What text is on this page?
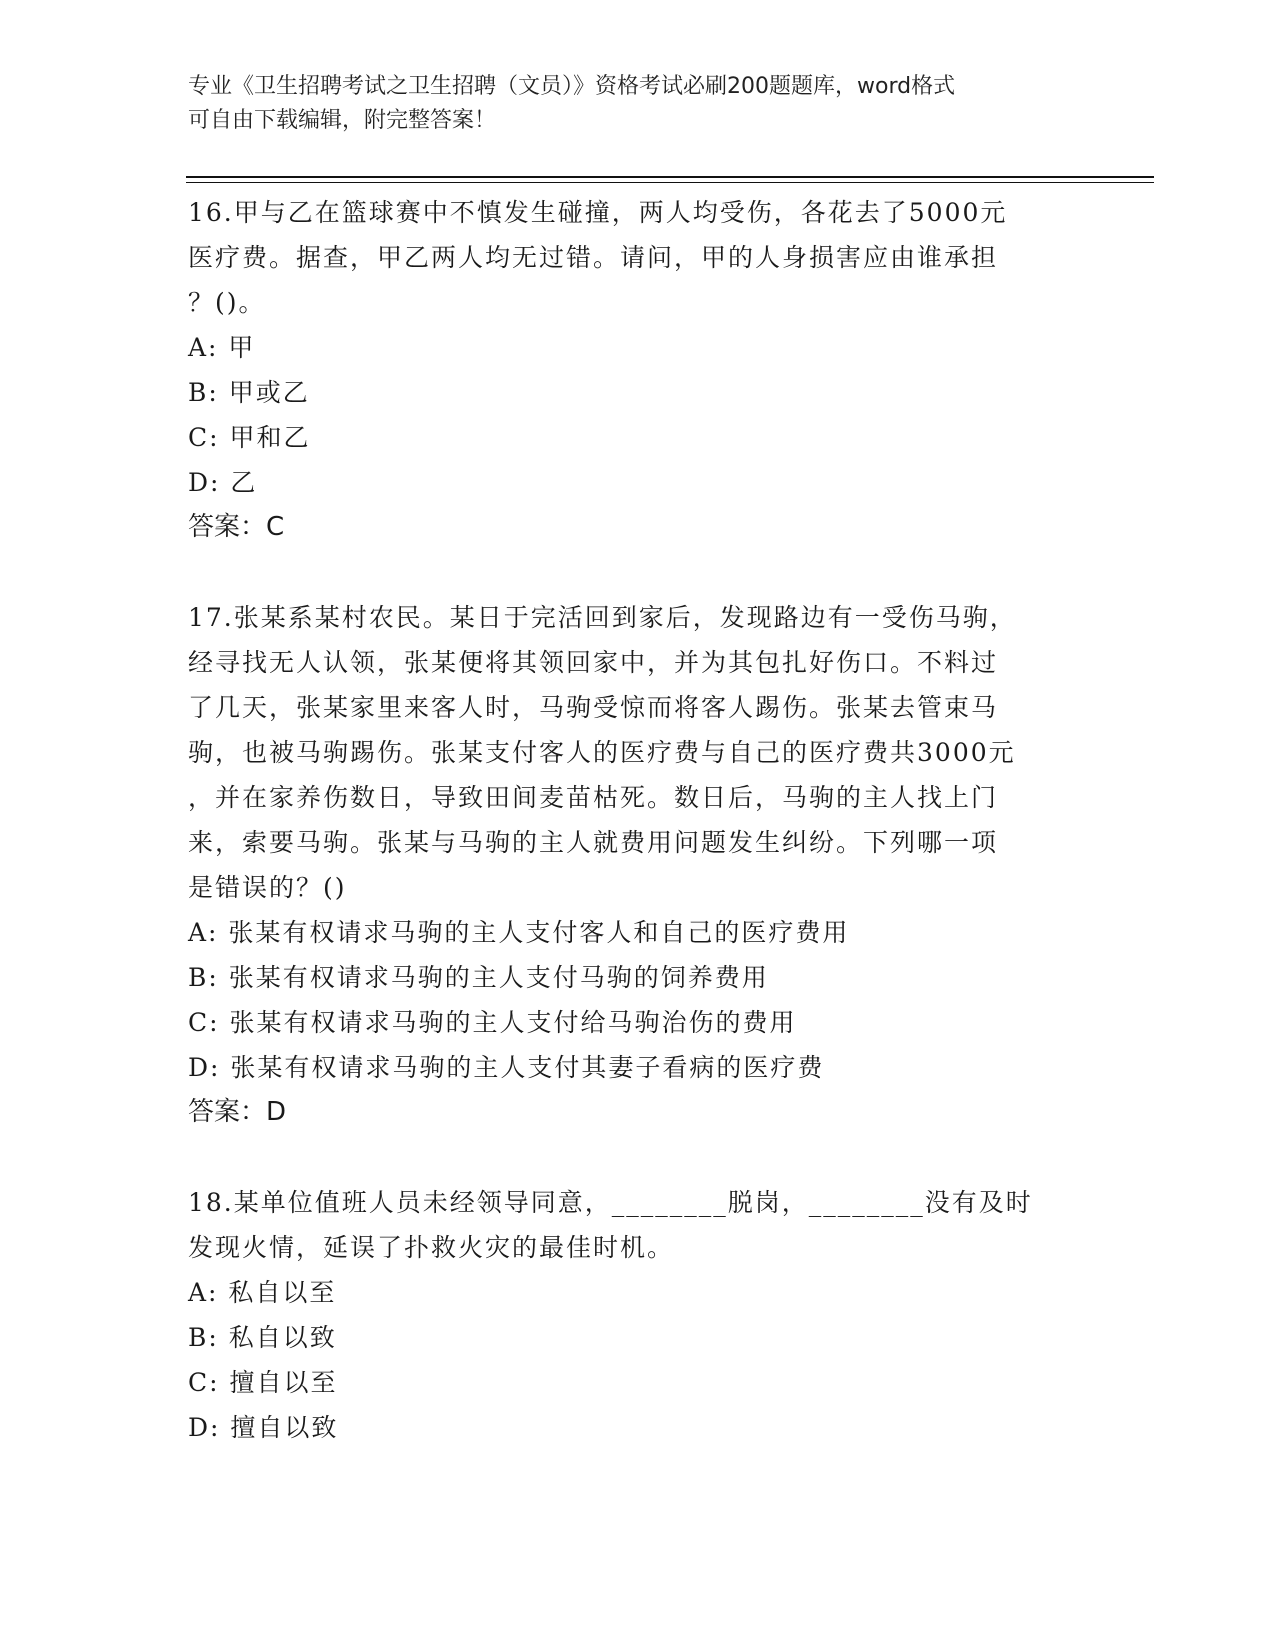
专业《卫生招聘考试之卫生招聘（文员）》资格考试必刷200题题库，word格式
可自由下载编辑，附完整答案！

16.甲与乙在篮球赛中不慎发生碰撞，两人均受伤，各花去了5000元

医疗费。据查，甲乙两人均无过错。请问，甲的人身损害应由谁承担

？()。

A: 甲

B: 甲或乙

C: 甲和乙

D: 乙

答案：C

17.张某系某村农民。某日于完活回到家后，发现路边有一受伤马驹，

经寻找无人认领，张某便将其领回家中，并为其包扎好伤口。不料过

了几天，张某家里来客人时，马驹受惊而将客人踢伤。张某去管束马

驹，也被马驹踢伤。张某支付客人的医疗费与自己的医疗费共3000元

，并在家养伤数日，导致田间麦苗枯死。数日后，马驹的主人找上门

来，索要马驹。张某与马驹的主人就费用问题发生纠纷。下列哪一项

是错误的？()

A: 张某有权请求马驹的主人支付客人和自己的医疗费用

B: 张某有权请求马驹的主人支付马驹的饲养费用

C: 张某有权请求马驹的主人支付给马驹治伤的费用

D: 张某有权请求马驹的主人支付其妻子看病的医疗费

答案：D

18.某单位值班人员未经领导同意，________脱岗，________没有及时

发现火情，延误了扑救火灾的最佳时机。

A: 私自以至

B: 私自以致

C: 擅自以至

D: 擅自以致
